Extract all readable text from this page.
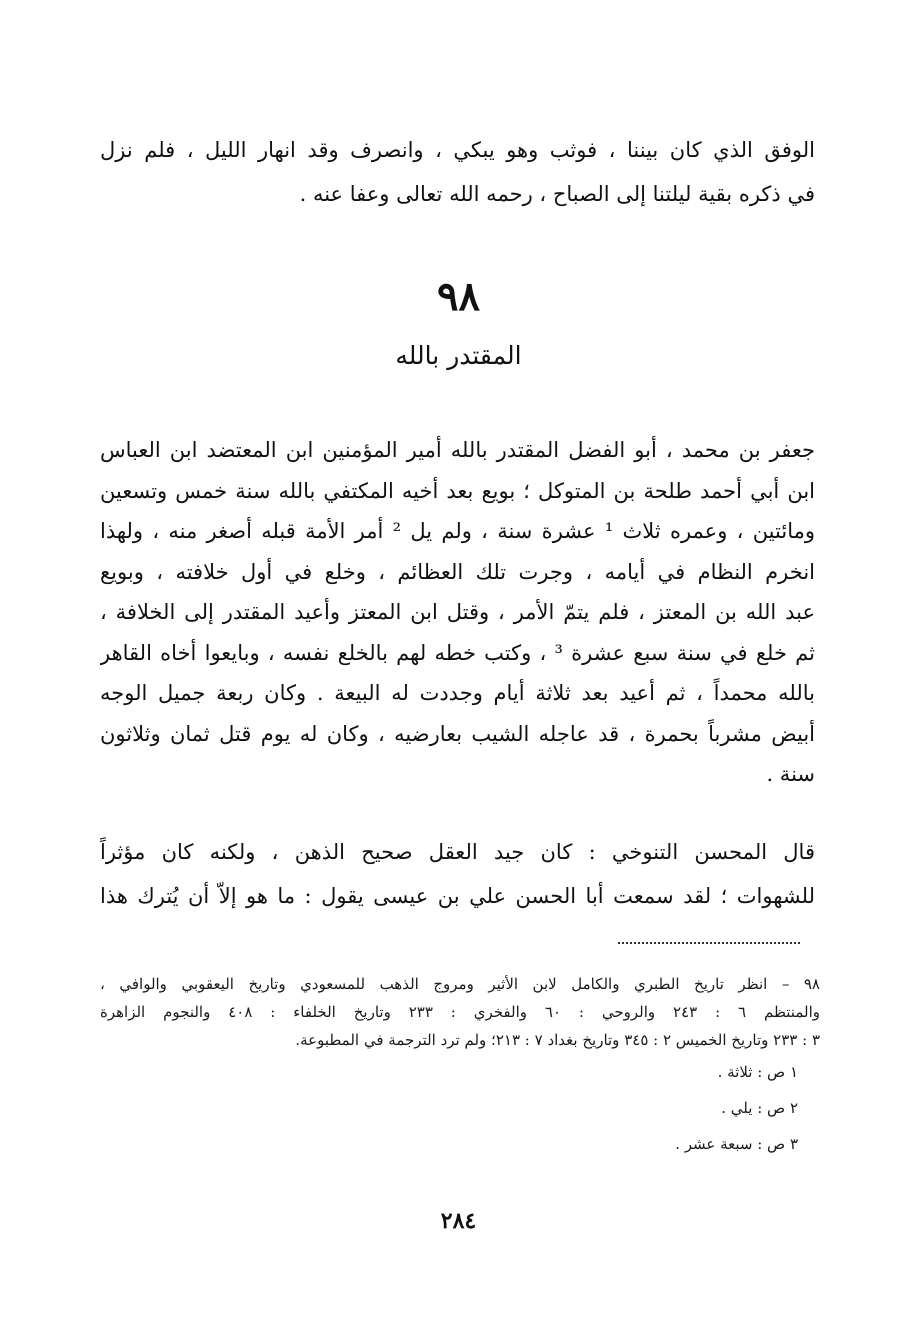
الوفق الذي كان بيننا ، فوثب وهو يبكي ، وانصرف وقد انهار الليل ، فلم نزل
في ذكره بقية ليلتنا إلى الصباح ، رحمه الله تعالى وعفا عنه .
٩٨
المقتدر بالله
جعفر بن محمد ، أبو الفضل المقتدر بالله أمير المؤمنين ابن المعتضد ابن العباس
ابن أبي أحمد طلحة بن المتوكل ؛ بويع بعد أخيه المكتفي بالله سنة خمس وتسعين
ومائتين ، وعمره ثلاث ¹ عشرة سنة ، ولم يل ² أمر الأمة قبله أصغر منه ، ولهذا
انخرم النظام في أيامه ، وجرت تلك العظائم ، وخلع في أول خلافته ، وبويع
عبد الله بن المعتز ، فلم يتمّ الأمر ، وقتل ابن المعتز وأعيد المقتدر إلى الخلافة ،
ثم خلع في سنة سبع عشرة ³ ، وكتب خطه لهم بالخلع نفسه ، وبايعوا أخاه القاهر
بالله محمداً ، ثم أعيد بعد ثلاثة أيام وجددت له البيعة . وكان ربعة جميل الوجه
أبيض مشرباً بحمرة ، قد عاجله الشيب بعارضيه ، وكان له يوم قتل ثمان وثلاثون
سنة .
قال المحسن التنوخي : كان جيد العقل صحيح الذهن ، ولكنه كان مؤثراً
للشهوات ؛ لقد سمعت أبا الحسن علي بن عيسى يقول : ما هو إلاّ أن يُترك هذا
٩٨ – انظر تاريخ الطبري والكامل لابن الأثير ومروج الذهب للمسعودي وتاريخ اليعقوبي والوافي ،
والمنتظم ٦ : ٢٤٣ والروحي : ٦٠ والفخري : ٢٣٣ وتاريخ الخلفاء : ٤٠٨ والنجوم الزاهرة
٣ : ٢٣٣ وتاريخ الخميس ٢ : ٣٤٥ وتاريخ بغداد ٧ : ٢١٣؛ ولم ترد الترجمة في المطبوعة.
١ ص : ثلاثة .
٢ ص : يلي .
٣ ص : سبعة عشر .
٢٨٤
